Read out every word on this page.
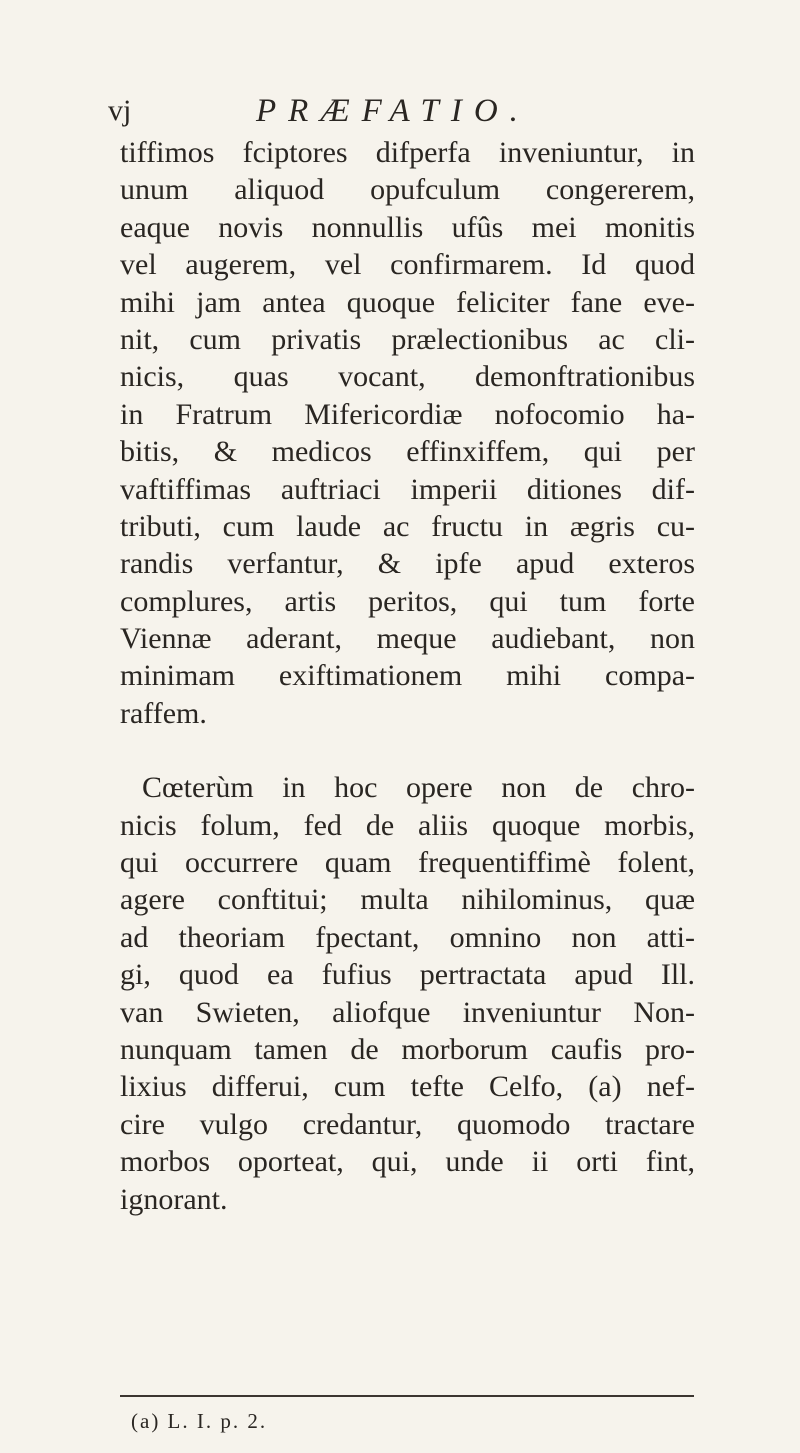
vj	PRÆFATIO.
tiffimos fciptores difperfa inveniuntur, in
unum aliquod opufculum congererem,
eaque novis nonnullis ufûs mei monitis
vel augerem, vel confirmarem. Id quod
mihi jam antea quoque feliciter fane eve-
nit, cum privatis prælectionibus ac cli-
nicis, quas vocant, demonftrationibus
in Fratrum Mifericordiæ nofocomio ha-
bitis, & medicos effinxiffem, qui per
vaftiffimas auftriaci imperii ditiones dif-
tributi, cum laude ac fructu in ægris cu-
randis verfantur, & ipfe apud exteros
complures, artis peritos, qui tum forte
Viennæ aderant, meque audiebant, non
minimam exiftimationem mihi compa-
raffem.
Cœterùm in hoc opere non de chro-
nicis folum, fed de aliis quoque morbis,
qui occurrere quam frequentiffimè folent,
agere conftitui; multa nihilominus, quæ
ad theoriam fpectant, omnino non atti-
gi, quod ea fufius pertractata apud Ill.
van Swieten, aliofque inveniuntur Non-
nunquam tamen de morborum caufis pro-
lixius differui, cum tefte Celfo, (a) nef-
cire vulgo credantur, quomodo tractare
morbos oporteat, qui, unde ii orti fint,
ignorant.
(a) L. I. p. 2.
